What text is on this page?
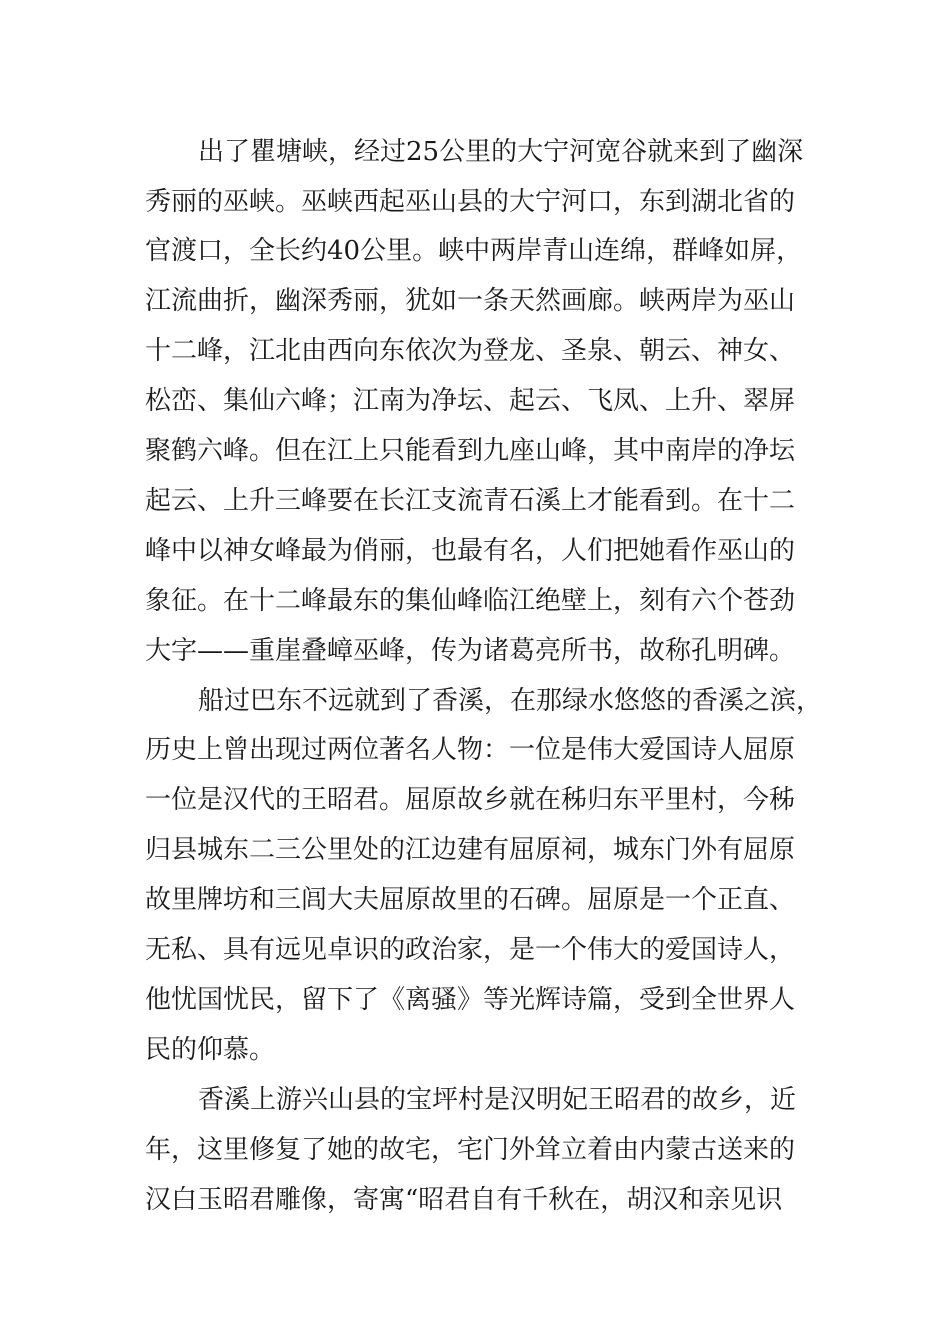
出了瞿塘峡，经过25公里的大宁河宽谷就来到了幽深
秀丽的巫峡。巫峡西起巫山县的大宁河口，东到湖北省的
官渡口，全长约40公里。峡中两岸青山连绵，群峰如屏，
江流曲折，幽深秀丽，犹如一条天然画廊。峡两岸为巫山
十二峰，江北由西向东依次为登龙、圣泉、朝云、神女、
松峦、集仙六峰；江南为净坛、起云、飞凤、上升、翠屏
聚鹤六峰。但在江上只能看到九座山峰，其中南岸的净坛
起云、上升三峰要在长江支流青石溪上才能看到。在十二
峰中以神女峰最为俏丽，也最有名，人们把她看作巫山的
象征。在十二峰最东的集仙峰临江绝壁上，刻有六个苍劲
大字——重崖叠嶂巫峰，传为诸葛亮所书，故称孔明碑。
船过巴东不远就到了香溪，在那绿水悠悠的香溪之滨，
历史上曾出现过两位著名人物：一位是伟大爱国诗人屈原
一位是汉代的王昭君。屈原故乡就在秭归东平里村，今秭
归县城东二三公里处的江边建有屈原祠，城东门外有屈原
故里牌坊和三闾大夫屈原故里的石碑。屈原是一个正直、
无私、具有远见卓识的政治家，是一个伟大的爱国诗人，
他忧国忧民，留下了《离骚》等光辉诗篇，受到全世界人
民的仰慕。
香溪上游兴山县的宝坪村是汉明妃王昭君的故乡，近
年，这里修复了她的故宅，宅门外耸立着由内蒙古送来的
汉白玉昭君雕像，寄寓“昭君自有千秋在，胡汉和亲见识
